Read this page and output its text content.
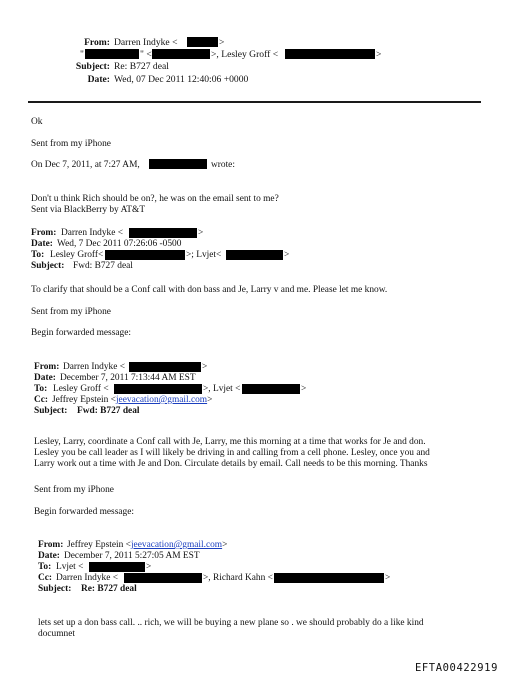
From: Darren Indyke <	>
"	" <	>, Lesley Groff <	>
Subject: Re: B727 deal
Date: Wed, 07 Dec 2011 12:40:06 +0000
Ok
Sent from my iPhone
On Dec 7, 2011, at 7:27 AM,	wrote:
Don't u think Rich should be on?, he was on the email sent to me?
Sent via BlackBerry by AT&T
From: Darren Indyke <	>
Date: Wed, 7 Dec 2011 07:26:06 -0500
To: Lesley Groff<	>; Lvjet<	>
Subject: Fwd: B727 deal
To clarify that should be a Conf call with don bass and Je, Larry v and me. Please let me know.
Sent from my iPhone
Begin forwarded message:
From: Darren Indyke <	>
Date: December 7, 2011 7:13:44 AM EST
To: Lesley Groff <	>, Lvjet <	>
Cc: Jeffrey Epstein <jeevacation@gmail.com>
Subject: Fwd: B727 deal
Lesley, Larry, coordinate a Conf call with Je, Larry, me this morning at a time that works for Je and don.
Lesley you be call leader as I will likely be driving in and calling from a cell phone. Lesley, once you and
Larry work out a time with Je and Don. Circulate details by email. Call needs to be this morning. Thanks
Sent from my iPhone
Begin forwarded message:
From: Jeffrey Epstein <jeevacation@gmail.com>
Date: December 7, 2011 5:27:05 AM EST
To: Lvjet <	>
Cc: Darren Indyke <	>, Richard Kahn <	>
Subject: Re: B727 deal
lets set up a don bass call. .. rich, we will be buying a new plane so . we should probably do a like kind
documnet
EFTA00422919
